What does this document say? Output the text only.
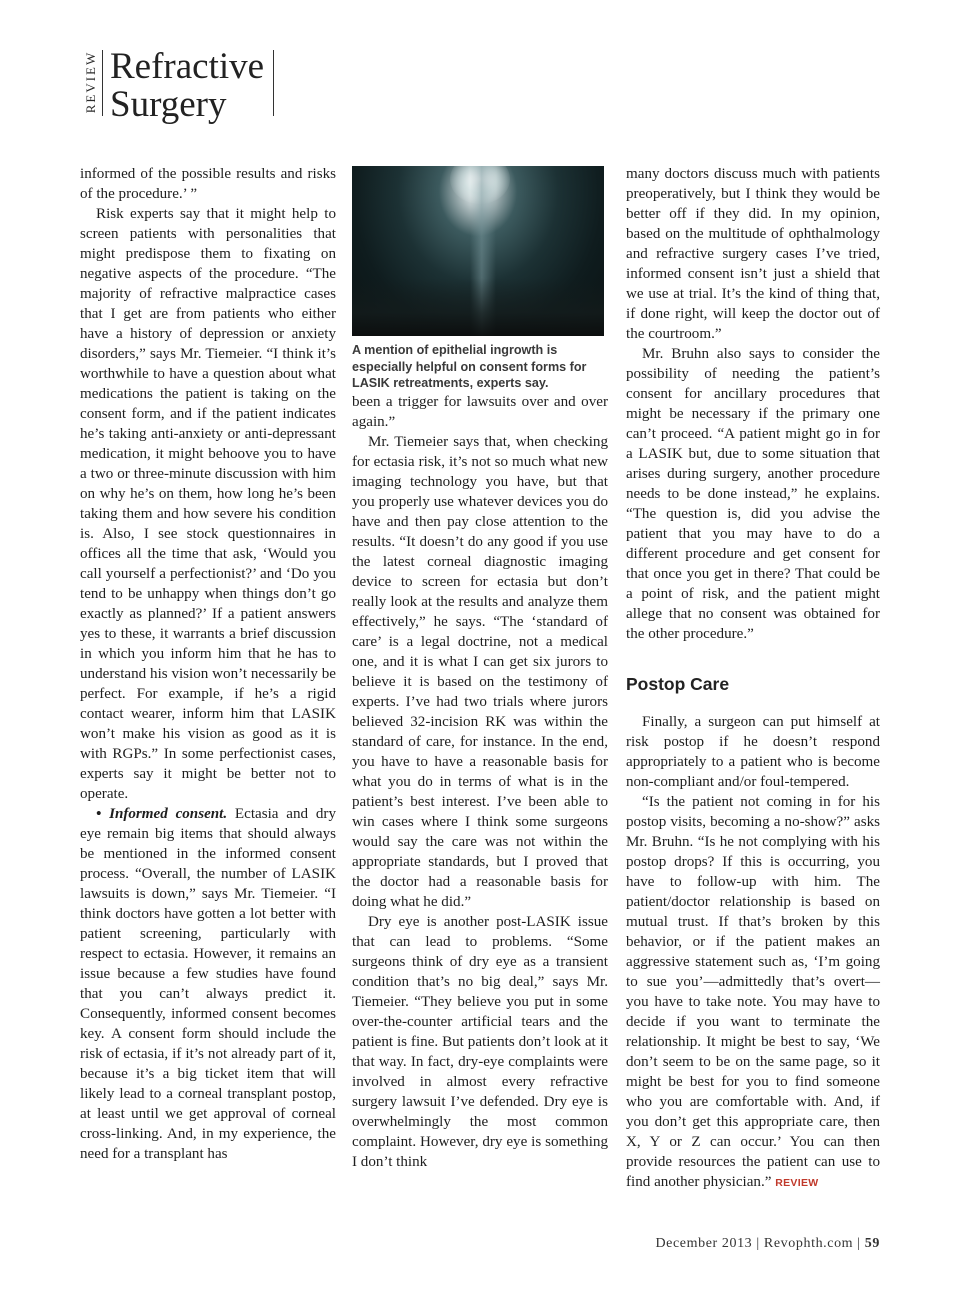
REVIEW Refractive
Surgery

informed of the possible results and risks of the procedure.’ ”

Risk experts say that it might help to screen patients with personalities that might predispose them to fixating on negative aspects of the procedure. “The majority of refractive malpractice cases that I get are from patients who either have a history of depression or anxiety disorders,” says Mr. Tiemeier. “I think it’s worthwhile to have a question about what medications the patient is taking on the consent form, and if the patient indicates he’s taking anti-anxiety or anti-depressant medication, it might behoove you to have a two or three-minute discussion with him on why he’s on them, how long he’s been taking them and how severe his condition is. Also, I see stock questionnaires in offices all the time that ask, ‘Would you call yourself a perfectionist?’ and ‘Do you tend to be unhappy when things don’t go exactly as planned?’ If a patient answers yes to these, it warrants a brief discussion in which you inform him that he has to understand his vision won’t necessarily be perfect. For example, if he’s a rigid contact wearer, inform him that LASIK won’t make his vision as good as it is with RGPs.” In some perfectionist cases, experts say it might be better not to operate.

• Informed consent. Ectasia and dry eye remain big items that should always be mentioned in the informed consent process. “Overall, the number of LASIK lawsuits is down,” says Mr. Tiemeier. “I think doctors have gotten a lot better with patient screening, particularly with respect to ectasia. However, it remains an issue because a few studies have found that you can’t always predict it. Consequently, informed consent becomes key. A consent form should include the risk of ectasia, if it’s not already part of it, because it’s a big ticket item that will likely lead to a corneal transplant postop, at least until we get approval of corneal cross-linking. And, in my experience, the need for a transplant has

A mention of epithelial ingrowth is especially helpful on consent forms for LASIK retreatments, experts say.

been a trigger for lawsuits over and over again.”

Mr. Tiemeier says that, when checking for ectasia risk, it’s not so much what new imaging technology you have, but that you properly use whatever devices you do have and then pay close attention to the results. “It doesn’t do any good if you use the latest corneal diagnostic imaging device to screen for ectasia but don’t really look at the results and analyze them effectively,” he says. “The ‘standard of care’ is a legal doctrine, not a medical one, and it is what I can get six jurors to believe it is based on the testimony of experts. I’ve had two trials where jurors believed 32-incision RK was within the standard of care, for instance. In the end, you have to have a reasonable basis for what you do in terms of what is in the patient’s best interest. I’ve been able to win cases where I think some surgeons would say the care was not within the appropriate standards, but I proved that the doctor had a reasonable basis for doing what he did.”

Dry eye is another post-LASIK issue that can lead to problems. “Some surgeons think of dry eye as a transient condition that’s no big deal,” says Mr. Tiemeier. “They believe you put in some over-the-counter artificial tears and the patient is fine. But patients don’t look at it that way. In fact, dry-eye complaints were involved in almost every refractive surgery lawsuit I’ve defended. Dry eye is overwhelmingly the most common complaint. However, dry eye is something I don’t think

many doctors discuss much with patients preoperatively, but I think they would be better off if they did. In my opinion, based on the multitude of ophthalmology and refractive surgery cases I’ve tried, informed consent isn’t just a shield that we use at trial. It’s the kind of thing that, if done right, will keep the doctor out of the courtroom.”

Mr. Bruhn also says to consider the possibility of needing the patient’s consent for ancillary procedures that might be necessary if the primary one can’t proceed. “A patient might go in for a LASIK but, due to some situation that arises during surgery, another procedure needs to be done instead,” he explains. “The question is, did you advise the patient that you may have to do a different procedure and get consent for that once you get in there? That could be a point of risk, and the patient might allege that no consent was obtained for the other procedure.”

Postop Care

Finally, a surgeon can put himself at risk postop if he doesn’t respond appropriately to a patient who is become non-compliant and/or foul-tempered.

“Is the patient not coming in for his postop visits, becoming a no-show?” asks Mr. Bruhn. “Is he not complying with his postop drops? If this is occurring, you have to follow-up with him. The patient/doctor relationship is based on mutual trust. If that’s broken by this behavior, or if the patient makes an aggressive statement such as, ‘I’m going to sue you’—admittedly that’s overt—you have to take note. You may have to decide if you want to terminate the relationship. It might be best to say, ‘We don’t seem to be on the same page, so it might be best for you to find someone who you are comfortable with. And, if you don’t get this appropriate care, then X, Y or Z can occur.’ You can then provide resources the patient can use to find another physician.” REVIEW

December 2013 | Revophth.com | 59
